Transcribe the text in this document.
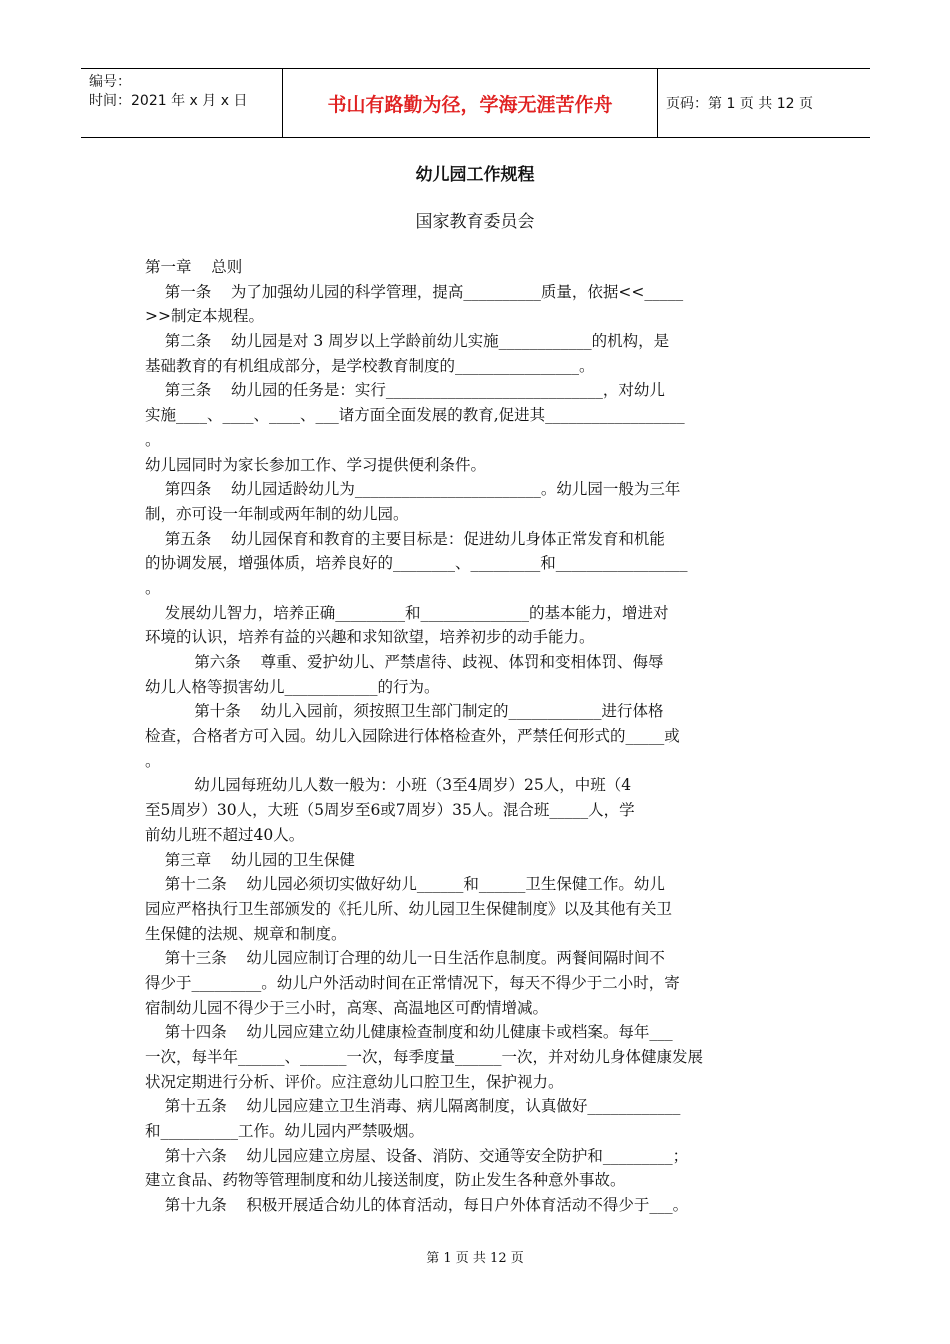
编号：
时间：2021 年 x 月 x 日	书山有路勤为径，学海无涯苦作舟	页码：第 1 页 共 12 页
幼儿园工作规程
国家教育委员会
第一章    总则
第一条    为了加强幼儿园的科学管理，提高__________质量，依据<<_____
>>制定本规程。
第二条    幼儿园是对 3 周岁以上学龄前幼儿实施____________的机构，是
基础教育的有机组成部分，是学校教育制度的________________。
第三条    幼儿园的任务是：实行____________________________，对幼儿
实施____、____、____、___诸方面全面发展的教育,促进其__________________
。
幼儿园同时为家长参加工作、学习提供便利条件。
第四条    幼儿园适龄幼儿为________________________。幼儿园一般为三年
制，亦可设一年制或两年制的幼儿园。
第五条    幼儿园保育和教育的主要目标是：促进幼儿身体正常发育和机能
的协调发展，增强体质，培养良好的________、_________和_________________
。
发展幼儿智力，培养正确_________和______________的基本能力，增进对
环境的认识，培养有益的兴趣和求知欲望，培养初步的动手能力。
第六条    尊重、爱护幼儿、严禁虐待、歧视、体罚和变相体罚、侮辱
幼儿人格等损害幼儿____________的行为。
第十条    幼儿入园前，须按照卫生部门制定的____________进行体格
检查，合格者方可入园。幼儿入园除进行体格检查外，严禁任何形式的_____或
。
幼儿园每班幼儿人数一般为：小班（3至4周岁）25人，中班（4
至5周岁）30人，大班（5周岁至6或7周岁）35人。混合班_____人，学
前幼儿班不超过40人。
第三章    幼儿园的卫生保健
第十二条    幼儿园必须切实做好幼儿______和______卫生保健工作。幼儿
园应严格执行卫生部颁发的《托儿所、幼儿园卫生保健制度》以及其他有关卫
生保健的法规、规章和制度。
第十三条    幼儿园应制订合理的幼儿一日生活作息制度。两餐间隔时间不
得少于_________。幼儿户外活动时间在正常情况下，每天不得少于二小时，寄
宿制幼儿园不得少于三小时，高寒、高温地区可酌情增减。
第十四条    幼儿园应建立幼儿健康检查制度和幼儿健康卡或档案。每年___
一次，每半年______、______一次，每季度量______一次，并对幼儿身体健康发展
状况定期进行分析、评价。应注意幼儿口腔卫生，保护视力。
第十五条    幼儿园应建立卫生消毒、病儿隔离制度，认真做好____________
和__________工作。幼儿园内严禁吸烟。
第十六条    幼儿园应建立房屋、设备、消防、交通等安全防护和_________；
建立食品、药物等管理制度和幼儿接送制度，防止发生各种意外事故。
第十九条    积极开展适合幼儿的体育活动，每日户外体育活动不得少于___。
第 1 页 共 12 页
